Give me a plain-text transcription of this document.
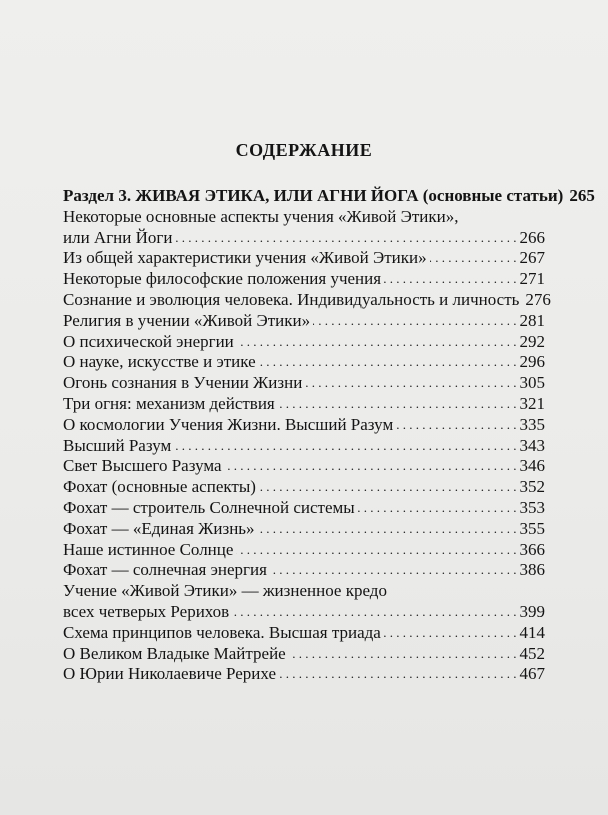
СОДЕРЖАНИЕ
Раздел 3. ЖИВАЯ ЭТИКА, ИЛИ АГНИ ЙОГА (основные статьи) 265
Некоторые основные аспекты учения «Живой Этики»,
или Агни Йоги . . .	266
Из общей характеристики учения «Живой Этики» . . .	267
Некоторые философские положения учения . . .	271
Сознание и эволюция человека. Индивидуальность и личность 276
Религия в учении «Живой Этики» . . .	281
О психической энергии . . .	292
О науке, искусстве и этике . . .	296
Огонь сознания в Учении Жизни . . .	305
Три огня: механизм действия . . .	321
О космологии Учения Жизни. Высший Разум . . .	335
Высший Разум . . .	343
Свет Высшего Разума . . .	346
Фохат (основные аспекты) . . .	352
Фохат — строитель Солнечной системы . . .	353
Фохат — «Единая Жизнь» . . .	355
Наше истинное Солнце . . .	366
Фохат — солнечная энергия . . .	386
Учение «Живой Этики» — жизненное кредо
всех четверых Рерихов . . .	399
Схема принципов человека. Высшая триада . . .	414
О Великом Владыке Майтрейе . . .	452
О Юрии Николаевиче Рерихе . . .	467
